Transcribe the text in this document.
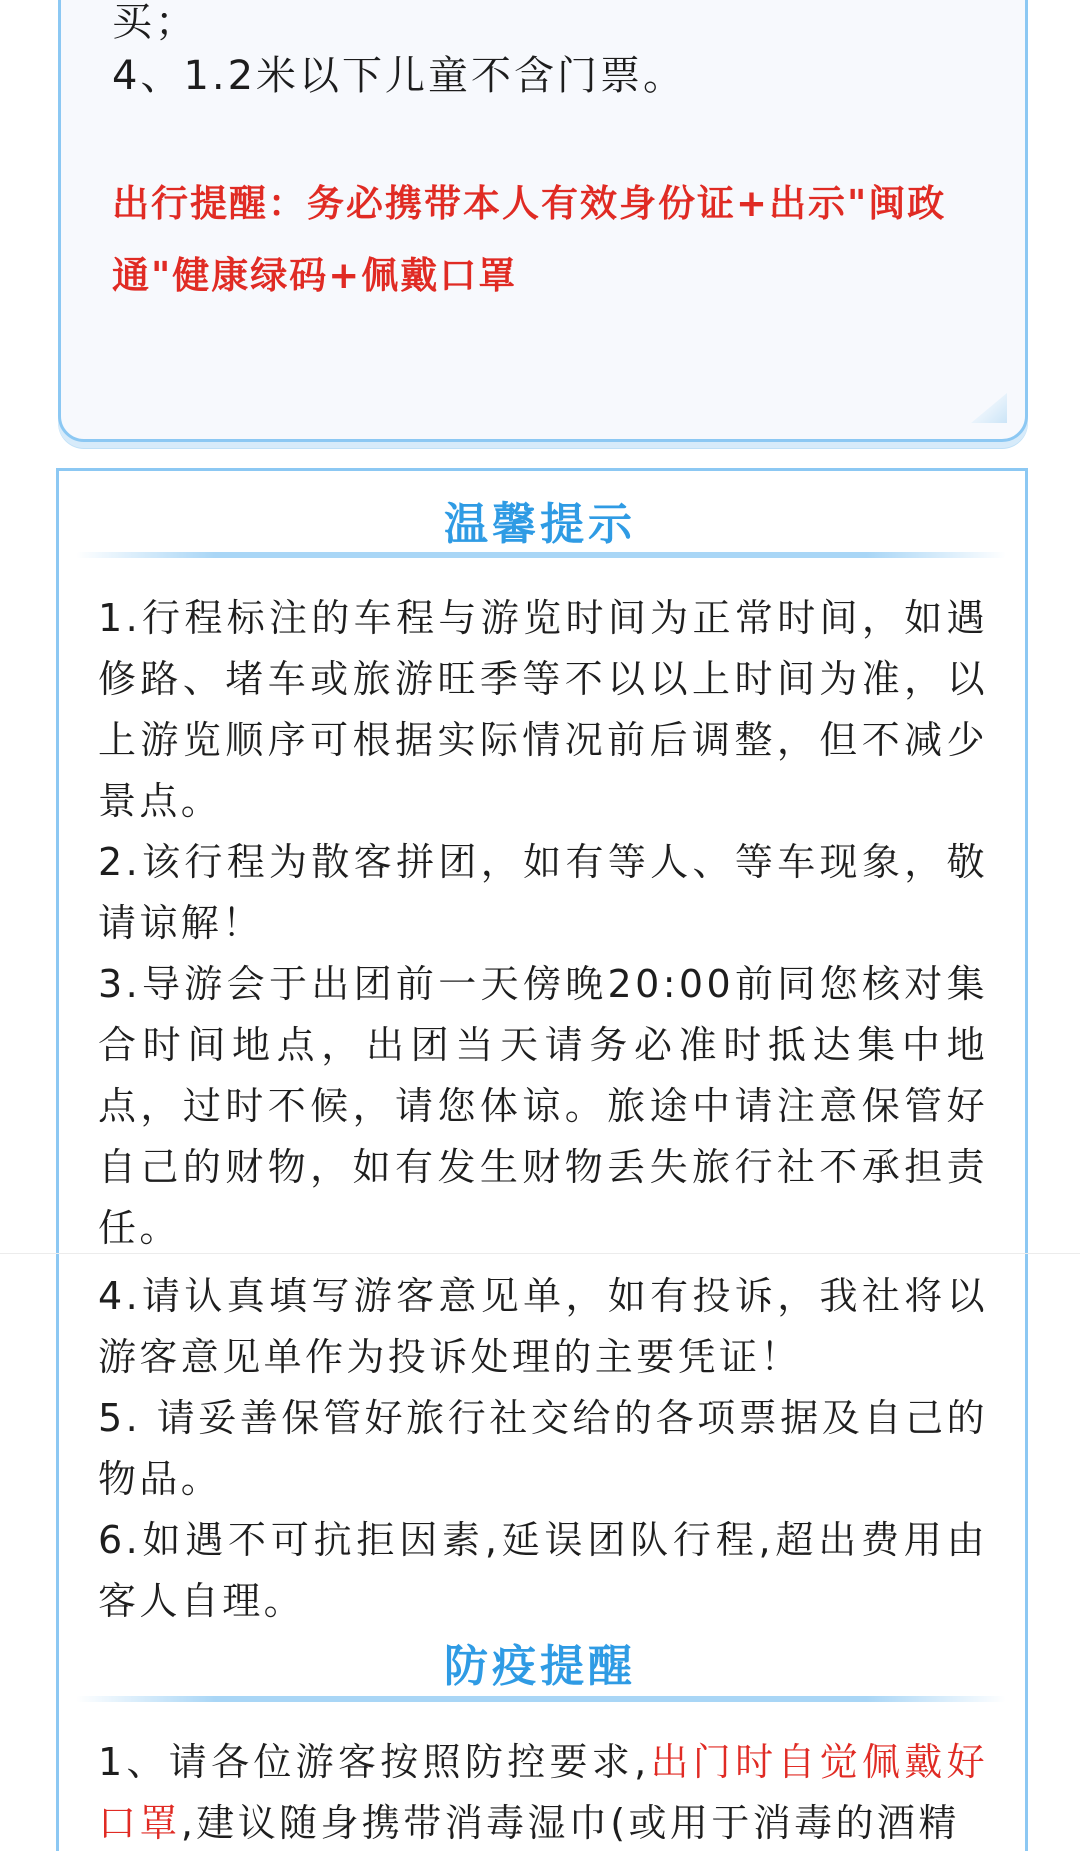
买；
4、1.2米以下儿童不含门票。
出行提醒：务必携带本人有效身份证+出示"闽政通"健康绿码+佩戴口罩
温馨提示
1.行程标注的车程与游览时间为正常时间，如遇修路、堵车或旅游旺季等不以以上时间为准，以上游览顺序可根据实际情况前后调整，但不减少景点。
2.该行程为散客拼团，如有等人、等车现象，敬请谅解！
3.导游会于出团前一天傍晚20:00前同您核对集合时间地点，出团当天请务必准时抵达集中地点，过时不候，请您体谅。旅途中请注意保管好自己的财物，如有发生财物丢失旅行社不承担责任。
4.请认真填写游客意见单，如有投诉，我社将以游客意见单作为投诉处理的主要凭证！
5. 请妥善保管好旅行社交给的各项票据及自己的物品。
6.如遇不可抗拒因素,延误团队行程,超出费用由客人自理。
防疫提醒
1、请各位游客按照防控要求,出门时自觉佩戴好口罩,建议随身携带消毒湿巾(或用于消毒的酒精
